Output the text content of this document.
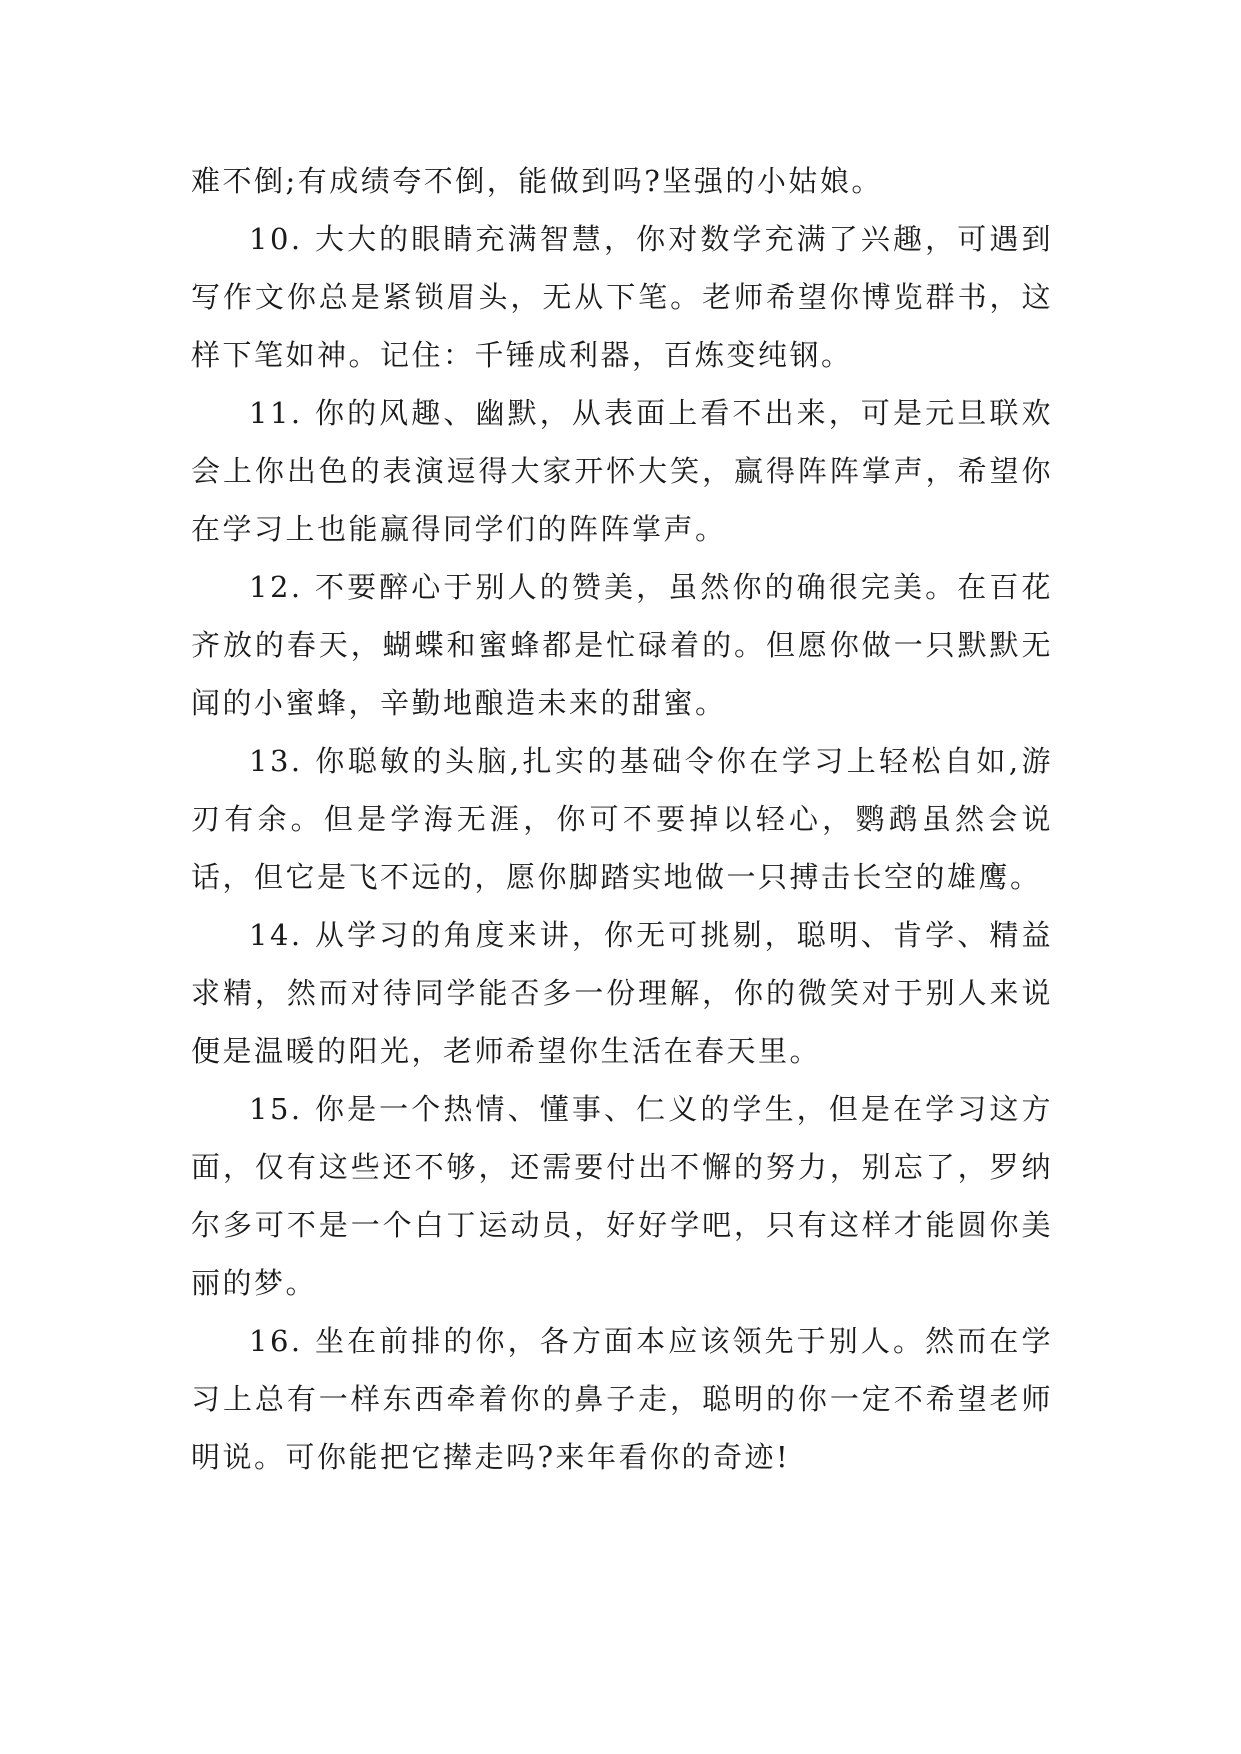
难不倒;有成绩夸不倒，能做到吗?坚强的小姑娘。

10. 大大的眼睛充满智慧，你对数学充满了兴趣，可遇到写作文你总是紧锁眉头，无从下笔。老师希望你博览群书，这样下笔如神。记住：千锤成利器，百炼变纯钢。

11. 你的风趣、幽默，从表面上看不出来，可是元旦联欢会上你出色的表演逗得大家开怀大笑，赢得阵阵掌声，希望你在学习上也能赢得同学们的阵阵掌声。

12. 不要醉心于别人的赞美，虽然你的确很完美。在百花齐放的春天，蝴蝶和蜜蜂都是忙碌着的。但愿你做一只默默无闻的小蜜蜂，辛勤地酿造未来的甜蜜。

13. 你聪敏的头脑,扎实的基础令你在学习上轻松自如,游刃有余。但是学海无涯，你可不要掉以轻心，鹦鹉虽然会说话，但它是飞不远的，愿你脚踏实地做一只搏击长空的雄鹰。

14. 从学习的角度来讲，你无可挑剔，聪明、肯学、精益求精，然而对待同学能否多一份理解，你的微笑对于别人来说便是温暖的阳光，老师希望你生活在春天里。

15. 你是一个热情、懂事、仁义的学生，但是在学习这方面，仅有这些还不够，还需要付出不懈的努力，别忘了，罗纳尔多可不是一个白丁运动员，好好学吧，只有这样才能圆你美丽的梦。

16. 坐在前排的你，各方面本应该领先于别人。然而在学习上总有一样东西牵着你的鼻子走，聪明的你一定不希望老师明说。可你能把它撵走吗?来年看你的奇迹!
